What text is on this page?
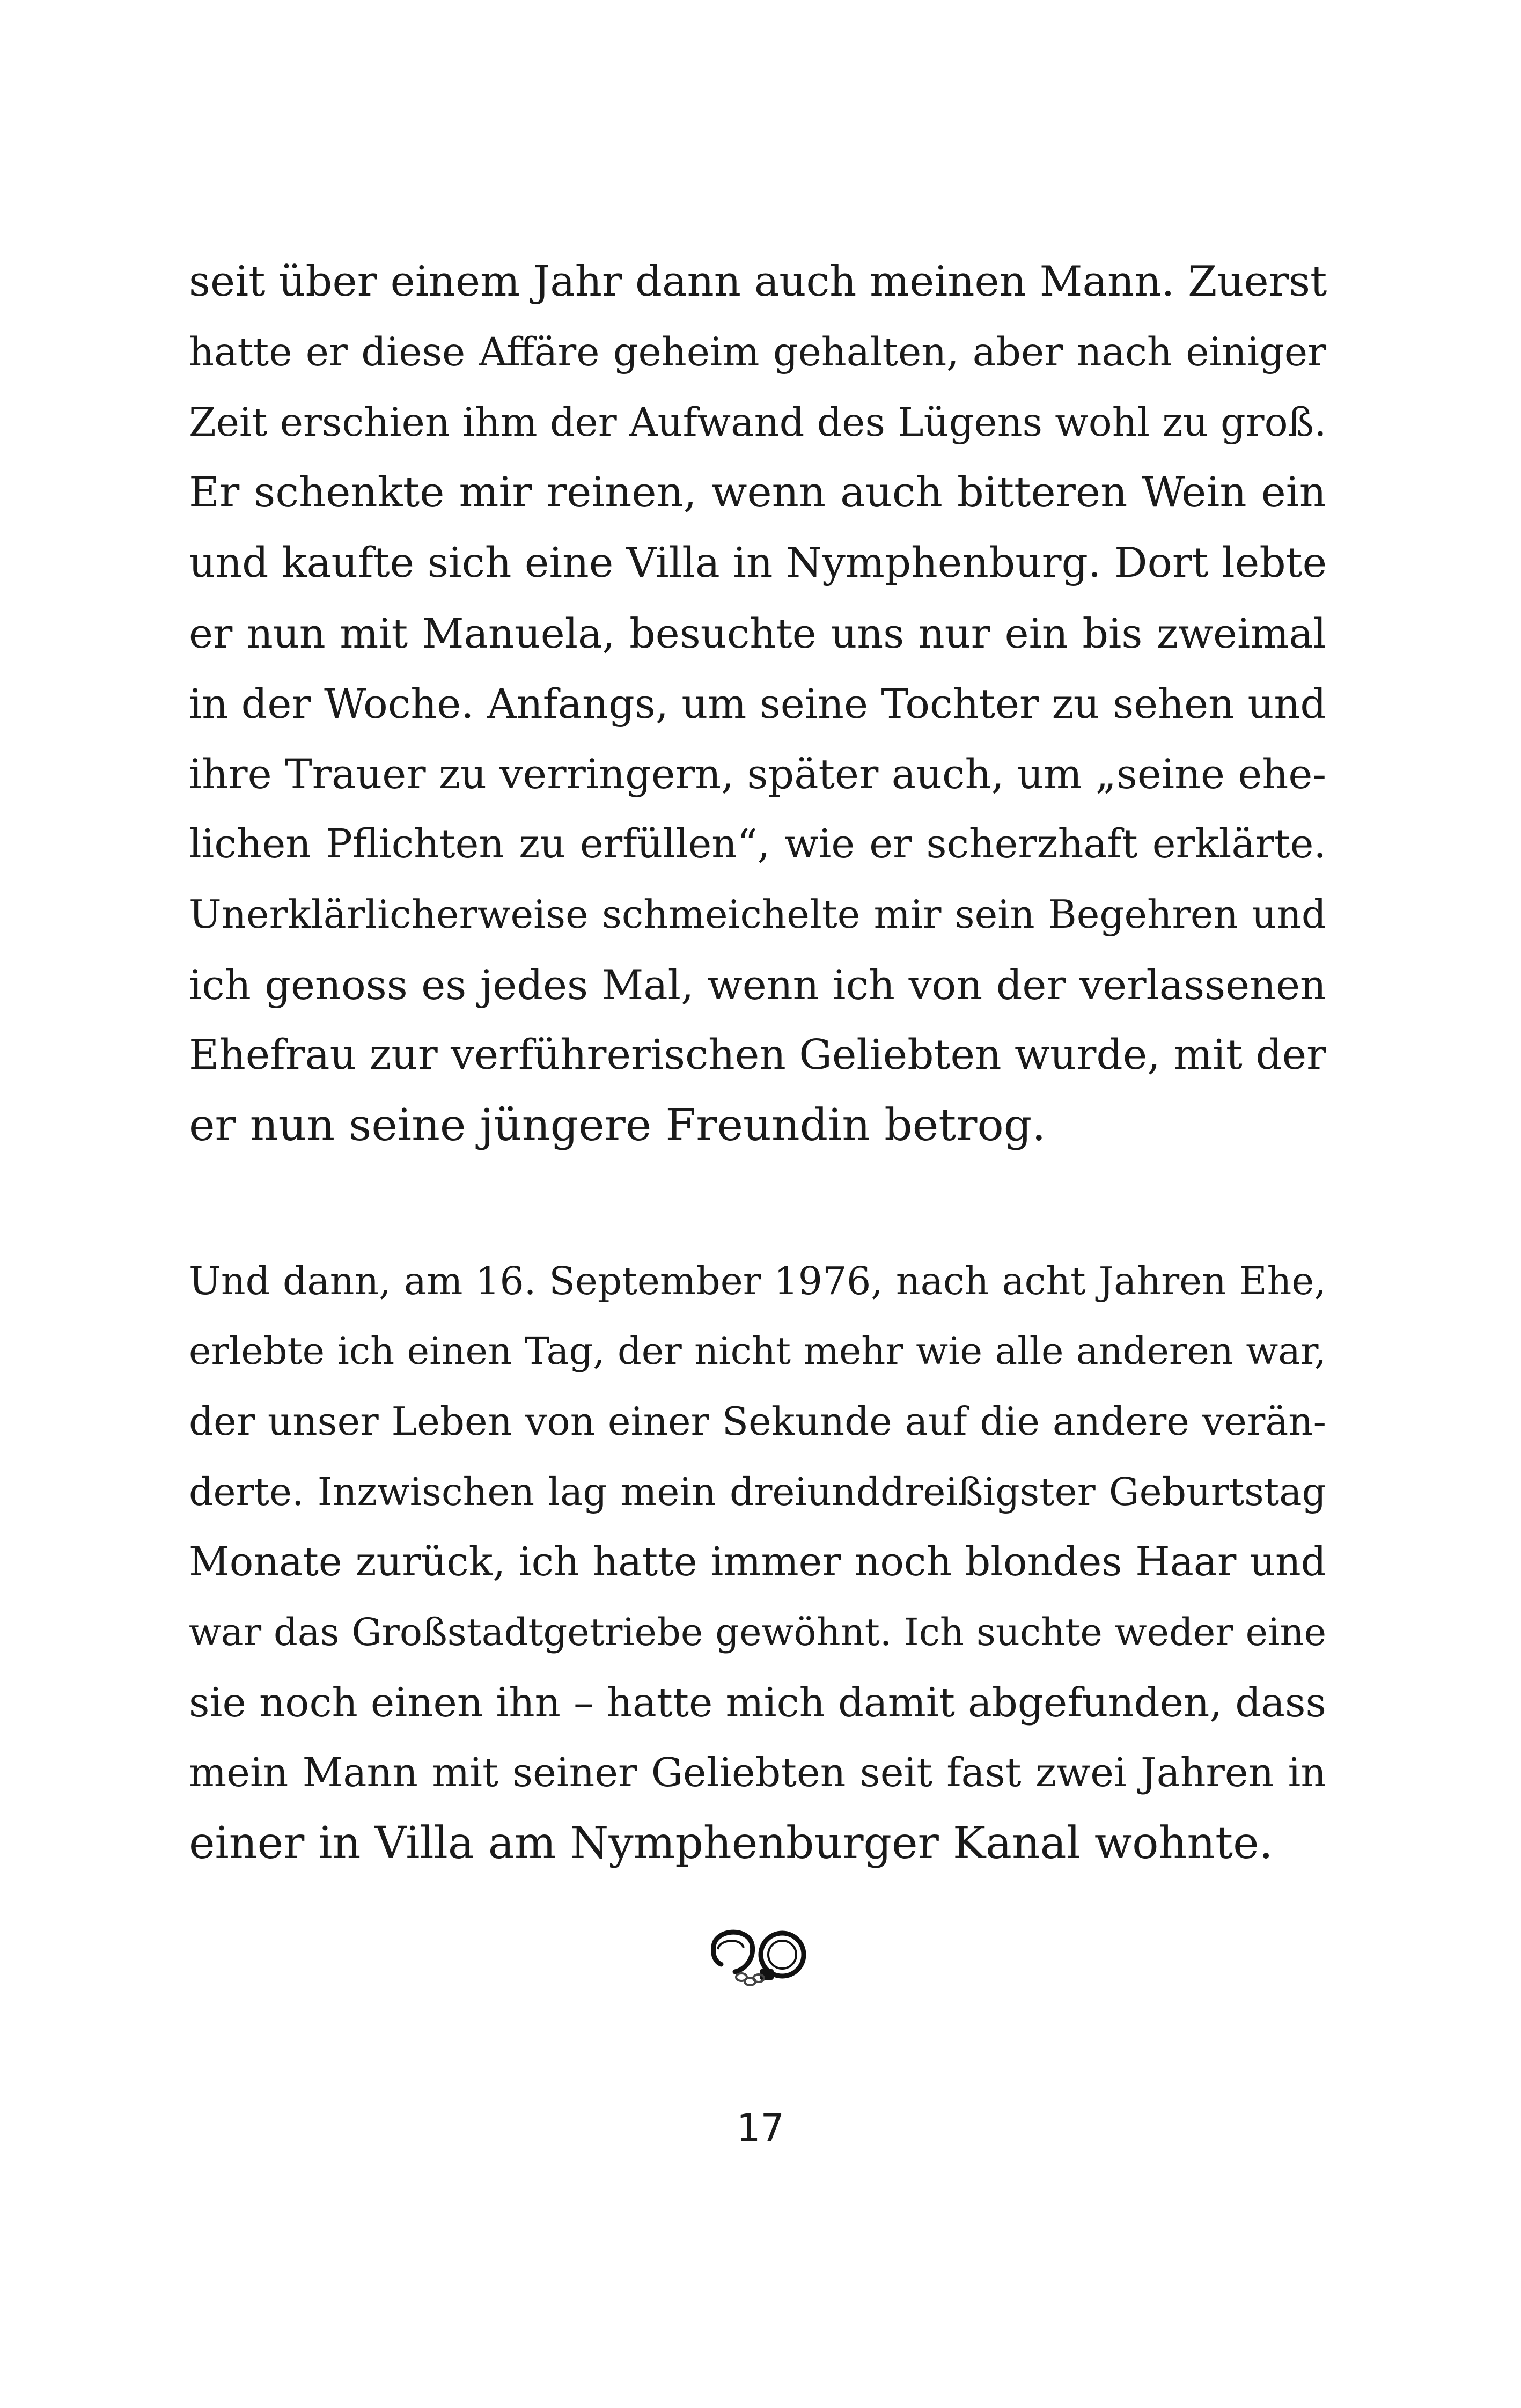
seit über einem Jahr dann auch meinen Mann. Zuerst
hatte er diese Affäre geheim gehalten, aber nach einiger
Zeit erschien ihm der Aufwand des Lügens wohl zu groß.
Er schenkte mir reinen, wenn auch bitteren Wein ein
und kaufte sich eine Villa in Nymphenburg. Dort lebte
er nun mit Manuela, besuchte uns nur ein bis zweimal
in der Woche. Anfangs, um seine Tochter zu sehen und
ihre Trauer zu verringern, später auch, um „seine ehe-
lichen Pflichten zu erfüllen“, wie er scherzhaft erklärte.
Unerklärlicherweise schmeichelte mir sein Begehren und
ich genoss es jedes Mal, wenn ich von der verlassenen
Ehefrau zur verführerischen Geliebten wurde, mit der
er nun seine jüngere Freundin betrog.
Und dann, am 16. September 1976, nach acht Jahren Ehe,
erlebte ich einen Tag, der nicht mehr wie alle anderen war,
der unser Leben von einer Sekunde auf die andere verän-
derte. Inzwischen lag mein dreiunddreißigster Geburtstag
Monate zurück, ich hatte immer noch blondes Haar und
war das Großstadtgetriebe gewöhnt. Ich suchte weder eine
sie noch einen ihn – hatte mich damit abgefunden, dass
mein Mann mit seiner Geliebten seit fast zwei Jahren in
einer in Villa am Nymphenburger Kanal wohnte.
17
